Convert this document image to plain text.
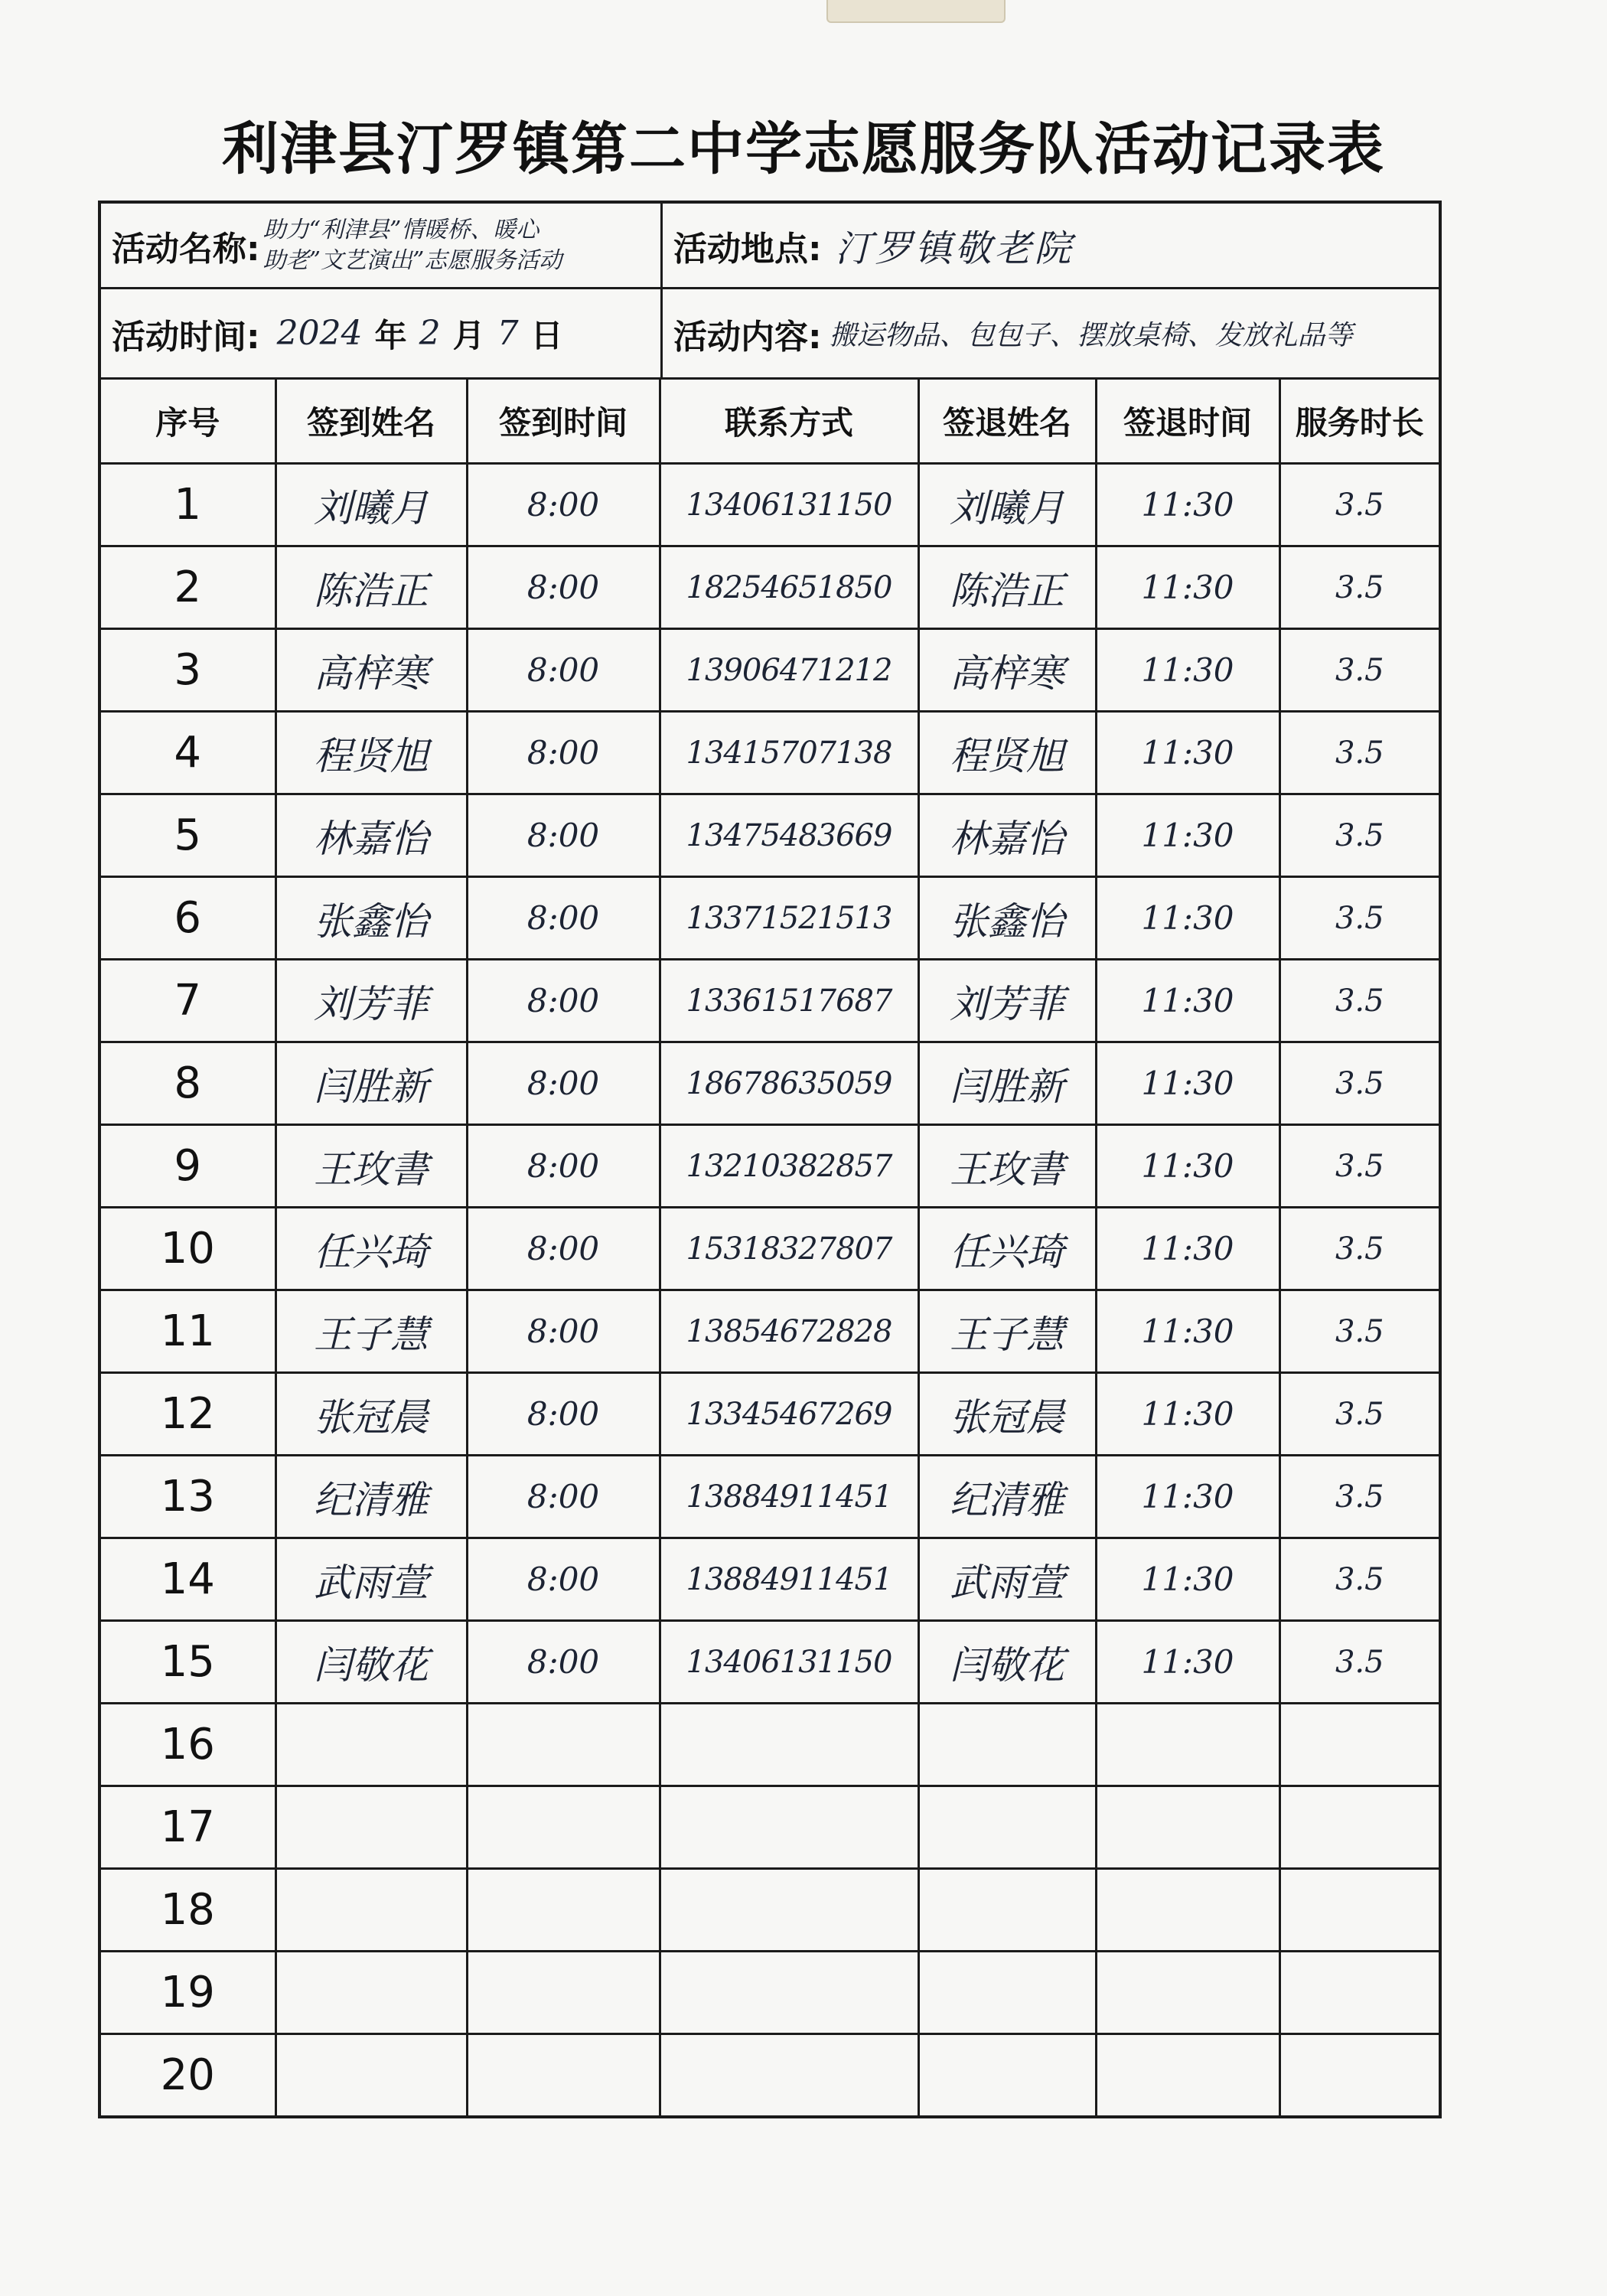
利津县汀罗镇第二中学志愿服务队活动记录表
活动名称: 助力“利津县”情暖桥、暖心
助老”文艺演出”志愿服务活动	活动地点: 汀罗镇敬老院
活动时间: 2024 年 2 月 7 日	活动内容: 搬运物品、包包子、摆放桌椅、发放礼品等
序号	签到姓名	签到时间	联系方式	签退姓名	签退时间	服务时长
1	刘曦月	8:00	13406131150	刘曦月	11:30	3.5
2	陈浩正	8:00	18254651850	陈浩正	11:30	3.5
3	高梓寒	8:00	13906471212	高梓寒	11:30	3.5
4	程贤旭	8:00	13415707138	程贤旭	11:30	3.5
5	林嘉怡	8:00	13475483669	林嘉怡	11:30	3.5
6	张鑫怡	8:00	13371521513	张鑫怡	11:30	3.5
7	刘芳菲	8:00	13361517687	刘芳菲	11:30	3.5
8	闫胜新	8:00	18678635059	闫胜新	11:30	3.5
9	王玫書	8:00	13210382857	王玫書	11:30	3.5
10	任兴琦	8:00	15318327807	任兴琦	11:30	3.5
11	王子慧	8:00	13854672828	王子慧	11:30	3.5
12	张冠晨	8:00	13345467269	张冠晨	11:30	3.5
13	纪清雅	8:00	13884911451	纪清雅	11:30	3.5
14	武雨萱	8:00	13884911451	武雨萱	11:30	3.5
15	闫敬花	8:00	13406131150	闫敬花	11:30	3.5
16						
17						
18						
19						
20						
